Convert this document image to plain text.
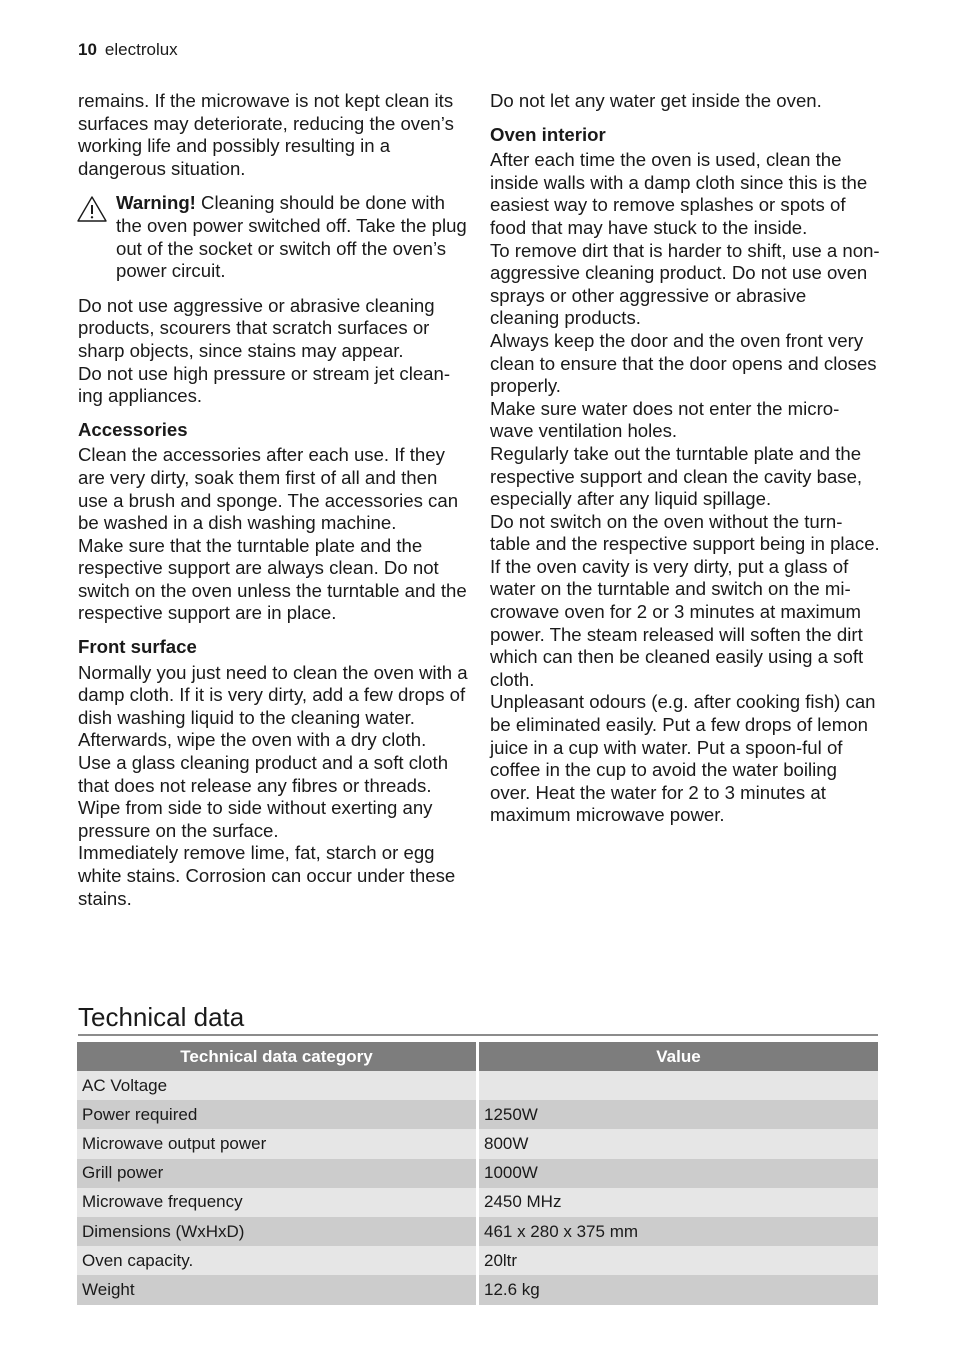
10 electrolux

remains. If the microwave is not kept clean its surfaces may deteriorate, reducing the oven’s working life and possibly resulting in a dangerous situation.

Warning! Cleaning should be done with the oven power switched off. Take the plug out of the socket or switch off the oven’s power circuit.

Do not use aggressive or abrasive cleaning products, scourers that scratch surfaces or sharp objects, since stains may appear.

Do not use high pressure or stream jet clean-ing appliances.

Accessories

Clean the accessories after each use. If they are very dirty, soak them first of all and then use a brush and sponge. The accessories can be washed in a dish washing machine.

Make sure that the turntable plate and the respective support are always clean. Do not switch on the oven unless the turntable and the respective support are in place.

Front surface

Normally you just need to clean the oven with a damp cloth. If it is very dirty, add a few drops of dish washing liquid to the cleaning water. Afterwards, wipe the oven with a dry cloth.

Use a glass cleaning product and a soft cloth that does not release any fibres or threads. Wipe from side to side without exerting any pressure on the surface.

Immediately remove lime, fat, starch or egg white stains. Corrosion can occur under these stains.

Do not let any water get inside the oven.

Oven interior

After each time the oven is used, clean the inside walls with a damp cloth since this is the easiest way to remove splashes or spots of food that may have stuck to the inside.

To remove dirt that is harder to shift, use a non-aggressive cleaning product. Do not use oven sprays or other aggressive or abrasive cleaning products.

Always keep the door and the oven front very clean to ensure that the door opens and closes properly.

Make sure water does not enter the micro-wave ventilation holes.

Regularly take out the turntable plate and the respective support and clean the cavity base, especially after any liquid spillage.

Do not switch on the oven without the turn-table and the respective support being in place.

If the oven cavity is very dirty, put a glass of water on the turntable and switch on the mi-crowave oven for 2 or 3 minutes at maximum power. The steam released will soften the dirt which can then be cleaned easily using a soft cloth.

Unpleasant odours (e.g. after cooking fish) can be eliminated easily. Put a few drops of lemon juice in a cup with water. Put a spoon-ful of coffee in the cup to avoid the water boiling over. Heat the water for 2 to 3 minutes at maximum microwave power.

Technical data
Technical data category	Value
AC Voltage	
Power required	1250W
Microwave output power	800W
Grill power	1000W
Microwave frequency	2450 MHz
Dimensions (WxHxD)	461 x 280 x 375 mm
Oven capacity.	20ltr
Weight	12.6 kg
